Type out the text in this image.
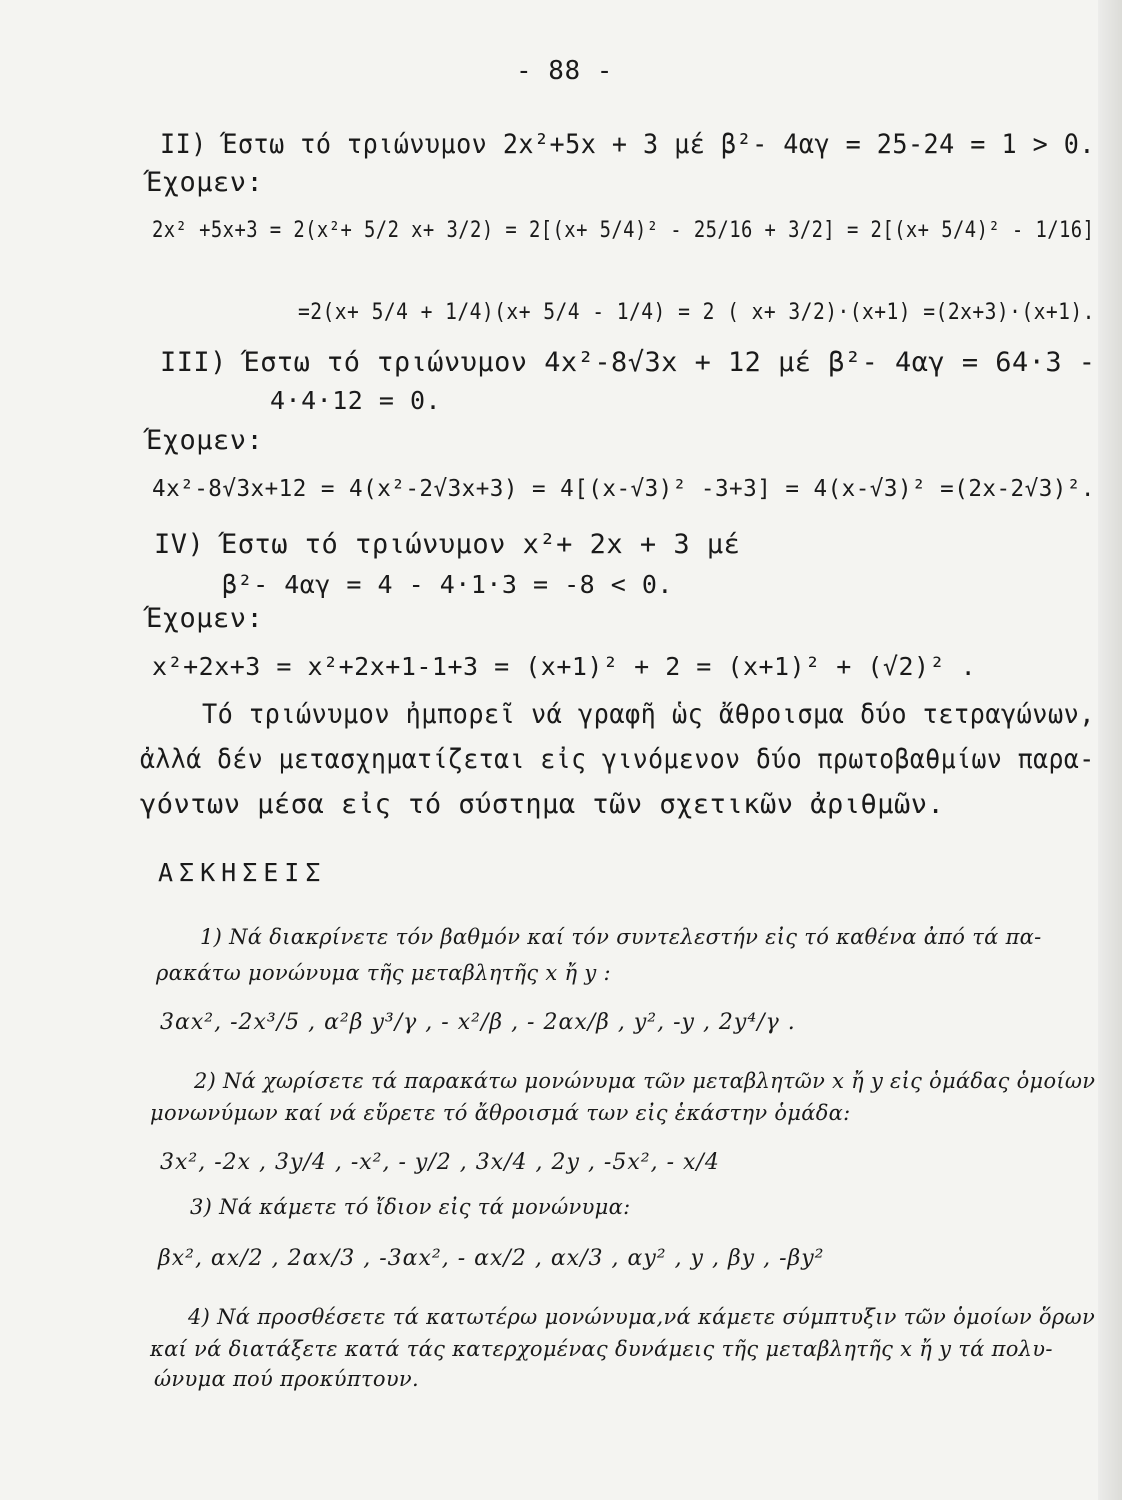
- 88 -
II) Έστω τό τριώνυμον 2x²+5x + 3 μέ β²- 4αγ = 25-24 = 1 > 0.
Έχομεν:
2x² +5x+3 = 2(x²+ 5/2 x+ 3/2) = 2[(x+ 5/4)² - 25/16 + 3/2] = 2[(x+ 5/4)² - 1/16]
=2(x+ 5/4 + 1/4)(x+ 5/4 - 1/4) = 2 ( x+ 3/2)·(x+1) =(2x+3)·(x+1).
III) Έστω τό τριώνυμον 4x²-8√3x + 12 μέ β²- 4αγ = 64·3 -
4·4·12 = 0.
Έχομεν:
4x²-8√3x+12 = 4(x²-2√3x+3) = 4[(x-√3)² -3+3] = 4(x-√3)² =(2x-2√3)².
IV) Έστω τό τριώνυμον x²+ 2x + 3 μέ
β²- 4αγ = 4 - 4·1·3 = -8 < 0.
Έχομεν:
x²+2x+3 = x²+2x+1-1+3 = (x+1)² + 2 = (x+1)² + (√2)² .
Τό τριώνυμον ἠμπορεῖ νά γραφῆ ὡς ἄθροισμα δύο τετραγώνων,
ἀλλά δέν μετασχηματίζεται εἰς γινόμενον δύο πρωτοβαθμίων παρα-
γόντων μέσα εἰς τό σύστημα τῶν σχετικῶν ἀριθμῶν.
ΑΣΚΗΣΕΙΣ
1) Νά διακρίνετε τόν βαθμόν καί τόν συντελεστήν εἰς τό καθένα ἀπό τά πα-
ρακάτω μονώνυμα τῆς μεταβλητῆς x ἤ y :
3αx², -2x³/5 , α²β y³/γ , - x²/β , - 2αx/β , y², -y , 2y⁴/γ .
2) Νά χωρίσετε τά παρακάτω μονώνυμα τῶν μεταβλητῶν x ἤ y εἰς ὁμάδας ὁμοίων
μονωνύμων καί νά εὕρετε τό ἄθροισμά των εἰς ἑκάστην ὁμάδα:
3x², -2x , 3y/4 , -x², - y/2 , 3x/4 , 2y , -5x², - x/4
3) Νά κάμετε τό ἴδιον εἰς τά μονώνυμα:
βx², αx/2 , 2αx/3 , -3αx², - αx/2 , αx/3 , αy² , y , βy , -βy²
4) Νά προσθέσετε τά κατωτέρω μονώνυμα,νά κάμετε σύμπτυξιν τῶν ὁμοίων ὅρων
καί νά διατάξετε κατά τάς κατερχομένας δυνάμεις τῆς μεταβλητῆς x ἤ y τά πολυ-
ώνυμα πού προκύπτουν.
